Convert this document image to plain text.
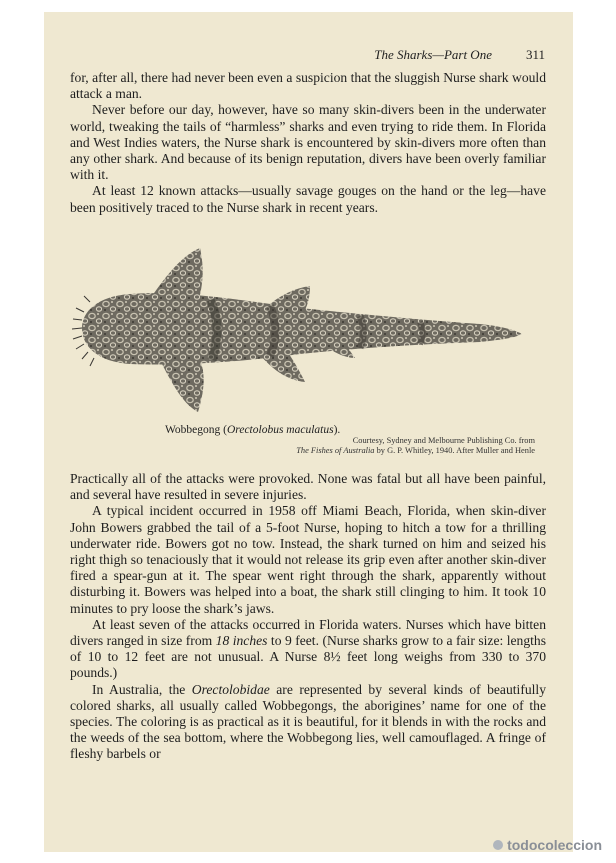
The Sharks—Part One	311

for, after all, there had never been even a suspicion that the sluggish Nurse shark would attack a man.

Never before our day, however, have so many skin-divers been in the underwater world, tweaking the tails of “harmless” sharks and even trying to ride them. In Florida and West Indies waters, the Nurse shark is encountered by skin-divers more often than any other shark. And because of its benign reputation, divers have been overly familiar with it.

At least 12 known attacks—usually savage gouges on the hand or the leg—have been positively traced to the Nurse shark in recent years.

Wobbegong (Orectolobus maculatus).
Courtesy, Sydney and Melbourne Publishing Co. from
The Fishes of Australia by G. P. Whitley, 1940. After Muller and Henle

Practically all of the attacks were provoked. None was fatal but all have been painful, and several have resulted in severe injuries.

A typical incident occurred in 1958 off Miami Beach, Florida, when skin-diver John Bowers grabbed the tail of a 5-foot Nurse, hoping to hitch a tow for a thrilling underwater ride. Bowers got no tow. Instead, the shark turned on him and seized his right thigh so tenaciously that it would not release its grip even after another skin-diver fired a spear-gun at it. The spear went right through the shark, apparently without disturbing it. Bowers was helped into a boat, the shark still clinging to him. It took 10 minutes to pry loose the shark’s jaws.

At least seven of the attacks occurred in Florida waters. Nurses which have bitten divers ranged in size from 18 inches to 9 feet. (Nurse sharks grow to a fair size: lengths of 10 to 12 feet are not unusual. A Nurse 8½ feet long weighs from 330 to 370 pounds.)

In Australia, the Orectolobidae are represented by several kinds of beautifully colored sharks, all usually called Wobbegongs, the aborigines’ name for one of the species. The coloring is as practical as it is beautiful, for it blends in with the rocks and the weeds of the sea bottom, where the Wobbegong lies, well camouflaged. A fringe of fleshy barbels or

todocoleccion
